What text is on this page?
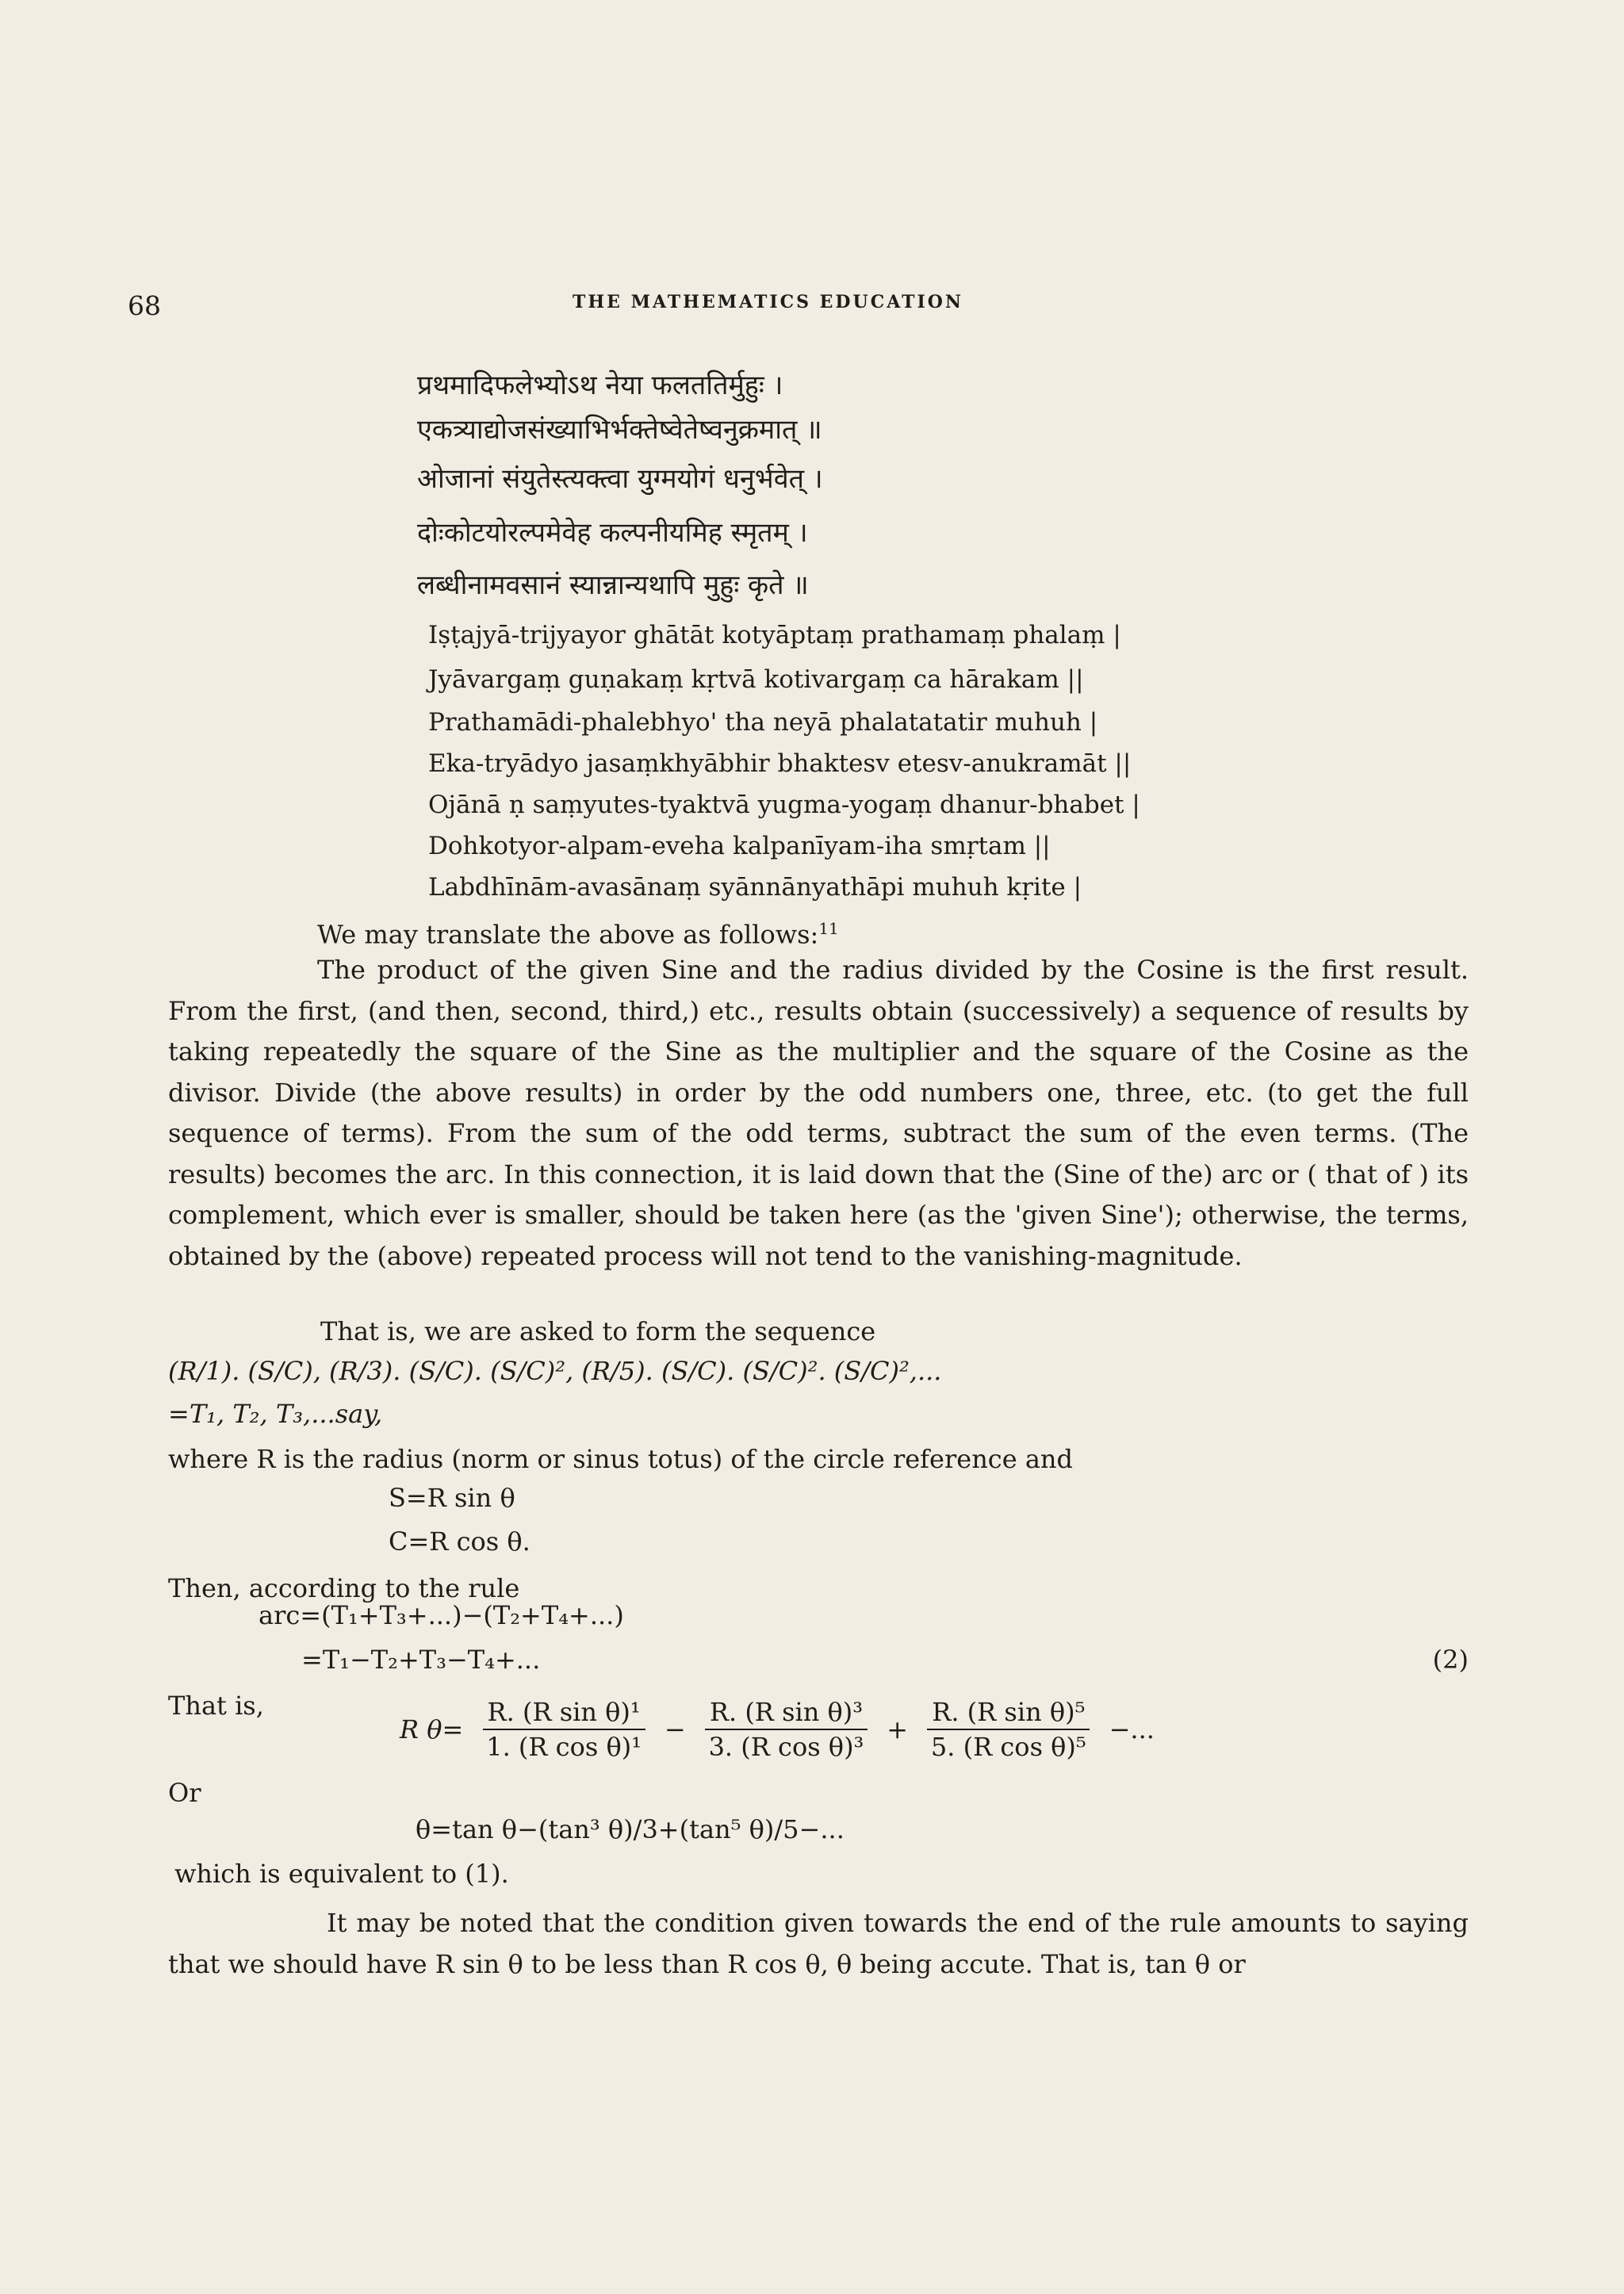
68	THE MATHEMATICS EDUCATION
प्रथमादिफलेभ्योऽथ नेया फलततिर्मुहुः ।
एकत्र्याद्योजसंख्याभिर्भक्तेष्वेतेष्वनुक्रमात् ॥
ओजानां संयुतेस्त्यक्त्वा युग्मयोगं धनुर्भवेत् ।
दोःकोटयोरल्पमेवेह कल्पनीयमिह स्मृतम् ।
लब्धीनामवसानं स्यान्नान्यथापि मुहुः कृते ॥
Iṣṭajyā-trijyayor ghātāt kotyāptaṃ prathamaṃ phalaṃ |
Jyāvargaṃ guṇakaṃ kṛtvā kotivargaṃ ca hārakam ||
Prathamādi-phalebhyo' tha neyā phalatatatir muhuh |
Eka-tryādyo jasaṃkhyābhir bhaktesv etesv-anukramāt ||
Ojānā ṇ saṃyutes-tyaktvā yugma-yogaṃ dhanur-bhabet |
Dohkotyor-alpam-eveha kalpanīyam-iha smṛtam ||
Labdhīnām-avasānaṃ syānnānyathāpi muhuh kṛite |
We may translate the above as follows:$^{11}$
The product of the given Sine and the radius divided by the Cosine is the first result. From the first, (and then, second, third,) etc., results obtain (successively) a sequence of results by taking repeatedly the square of the Sine as the multiplier and the square of the Cosine as the divisor. Divide (the above results) in order by the odd numbers one, three, etc. (to get the full sequence of terms). From the sum of the odd terms, subtract the sum of the even terms. (The results) becomes the arc. In this connection, it is laid down that the (Sine of the) arc or ( that of ) its complement, which ever is smaller, should be taken here (as the 'given Sine'); otherwise, the terms, obtained by the (above) repeated process will not tend to the vanishing-magnitude.
That is, we are asked to form the sequence
(R/1). (S/C), (R/3). (S/C). (S/C)², (R/5). (S/C). (S/C)². (S/C)²,...
=T₁, T₂, T₃,...say,
where R is the radius (norm or sinus totus) of the circle reference and
S=R sin θ
C=R cos θ.
Then, according to the rule
arc=(T₁+T₃+...)−(T₂+T₄+...)
=T₁−T₂+T₃−T₄+...	(2)
That is,
R $\theta= \frac{\text{R. (R sin θ)¹}}{\text{1. (R cos θ)¹}} - \frac{\text{R. (R sin θ)³}}{\text{3. (R cos θ)³}} + \frac{\text{R. (R sin θ)⁵}}{\text{5. (R cos θ)⁵}}$ −...
Or
θ=tan θ−(tan³ θ)/3+(tan⁵ θ)/5−...
which is equivalent to (1).
It may be noted that the condition given towards the end of the rule amounts to saying that we should have R sin θ to be less than R cos θ, θ being accute. That is, tan θ or
